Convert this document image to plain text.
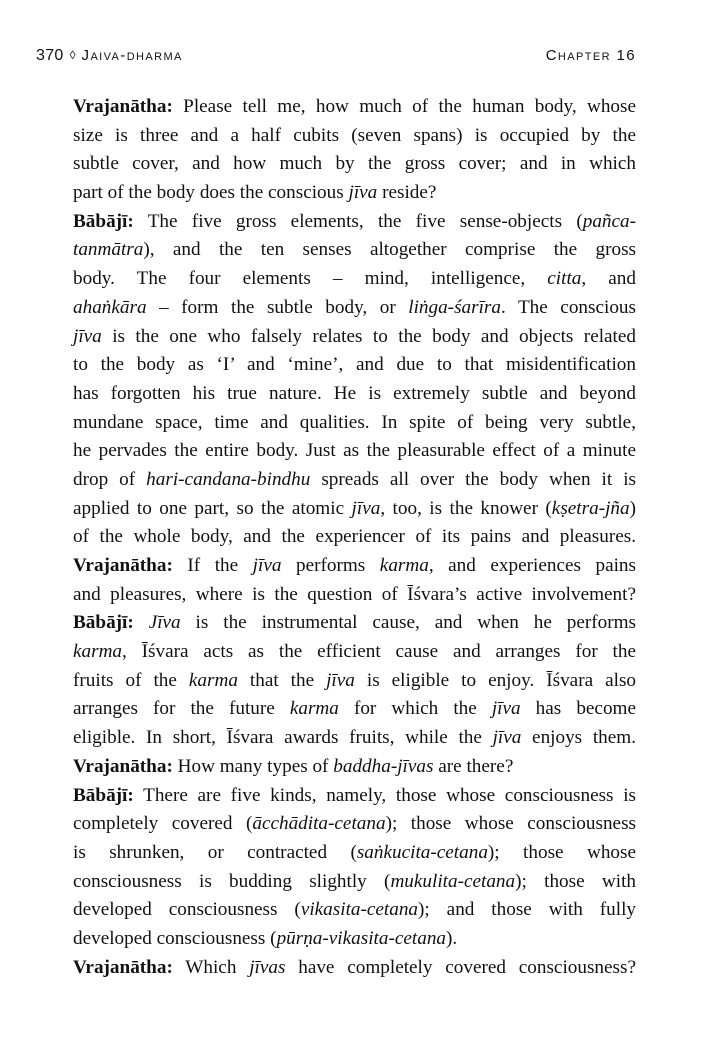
370 ◊ Jaiva-dharma	Chapter 16
Vrajanātha: Please tell me, how much of the human body, whose
size is three and a half cubits (seven spans) is occupied by the
subtle cover, and how much by the gross cover; and in which
part of the body does the conscious jīva reside?
Bābājī: The five gross elements, the five sense-objects (pañca-
tanmātra), and the ten senses altogether comprise the gross
body. The four elements – mind, intelligence, citta, and
ahaṅkāra – form the subtle body, or liṅga-śarīra. The conscious
jīva is the one who falsely relates to the body and objects related
to the body as ‘I’ and ‘mine’, and due to that misidentification
has forgotten his true nature. He is extremely subtle and beyond
mundane space, time and qualities. In spite of being very subtle,
he pervades the entire body. Just as the pleasurable effect of a minute
drop of hari-candana-bindhu spreads all over the body when it is
applied to one part, so the atomic jīva, too, is the knower (kṣetra-jña)
of the whole body, and the experiencer of its pains and pleasures.
Vrajanātha: If the jīva performs karma, and experiences pains
and pleasures, where is the question of Īśvara’s active involvement?
Bābājī: Jīva is the instrumental cause, and when he performs
karma, Īśvara acts as the efficient cause and arranges for the
fruits of the karma that the jīva is eligible to enjoy. Īśvara also
arranges for the future karma for which the jīva has become
eligible. In short, Īśvara awards fruits, while the jīva enjoys them.
Vrajanātha: How many types of baddha-jīvas are there?
Bābājī: There are five kinds, namely, those whose consciousness is
completely covered (ācchādita-cetana); those whose consciousness
is shrunken, or contracted (saṅkucita-cetana); those whose
consciousness is budding slightly (mukulita-cetana); those with
developed consciousness (vikasita-cetana); and those with fully
developed consciousness (pūrṇa-vikasita-cetana).
Vrajanātha: Which jīvas have completely covered consciousness?
